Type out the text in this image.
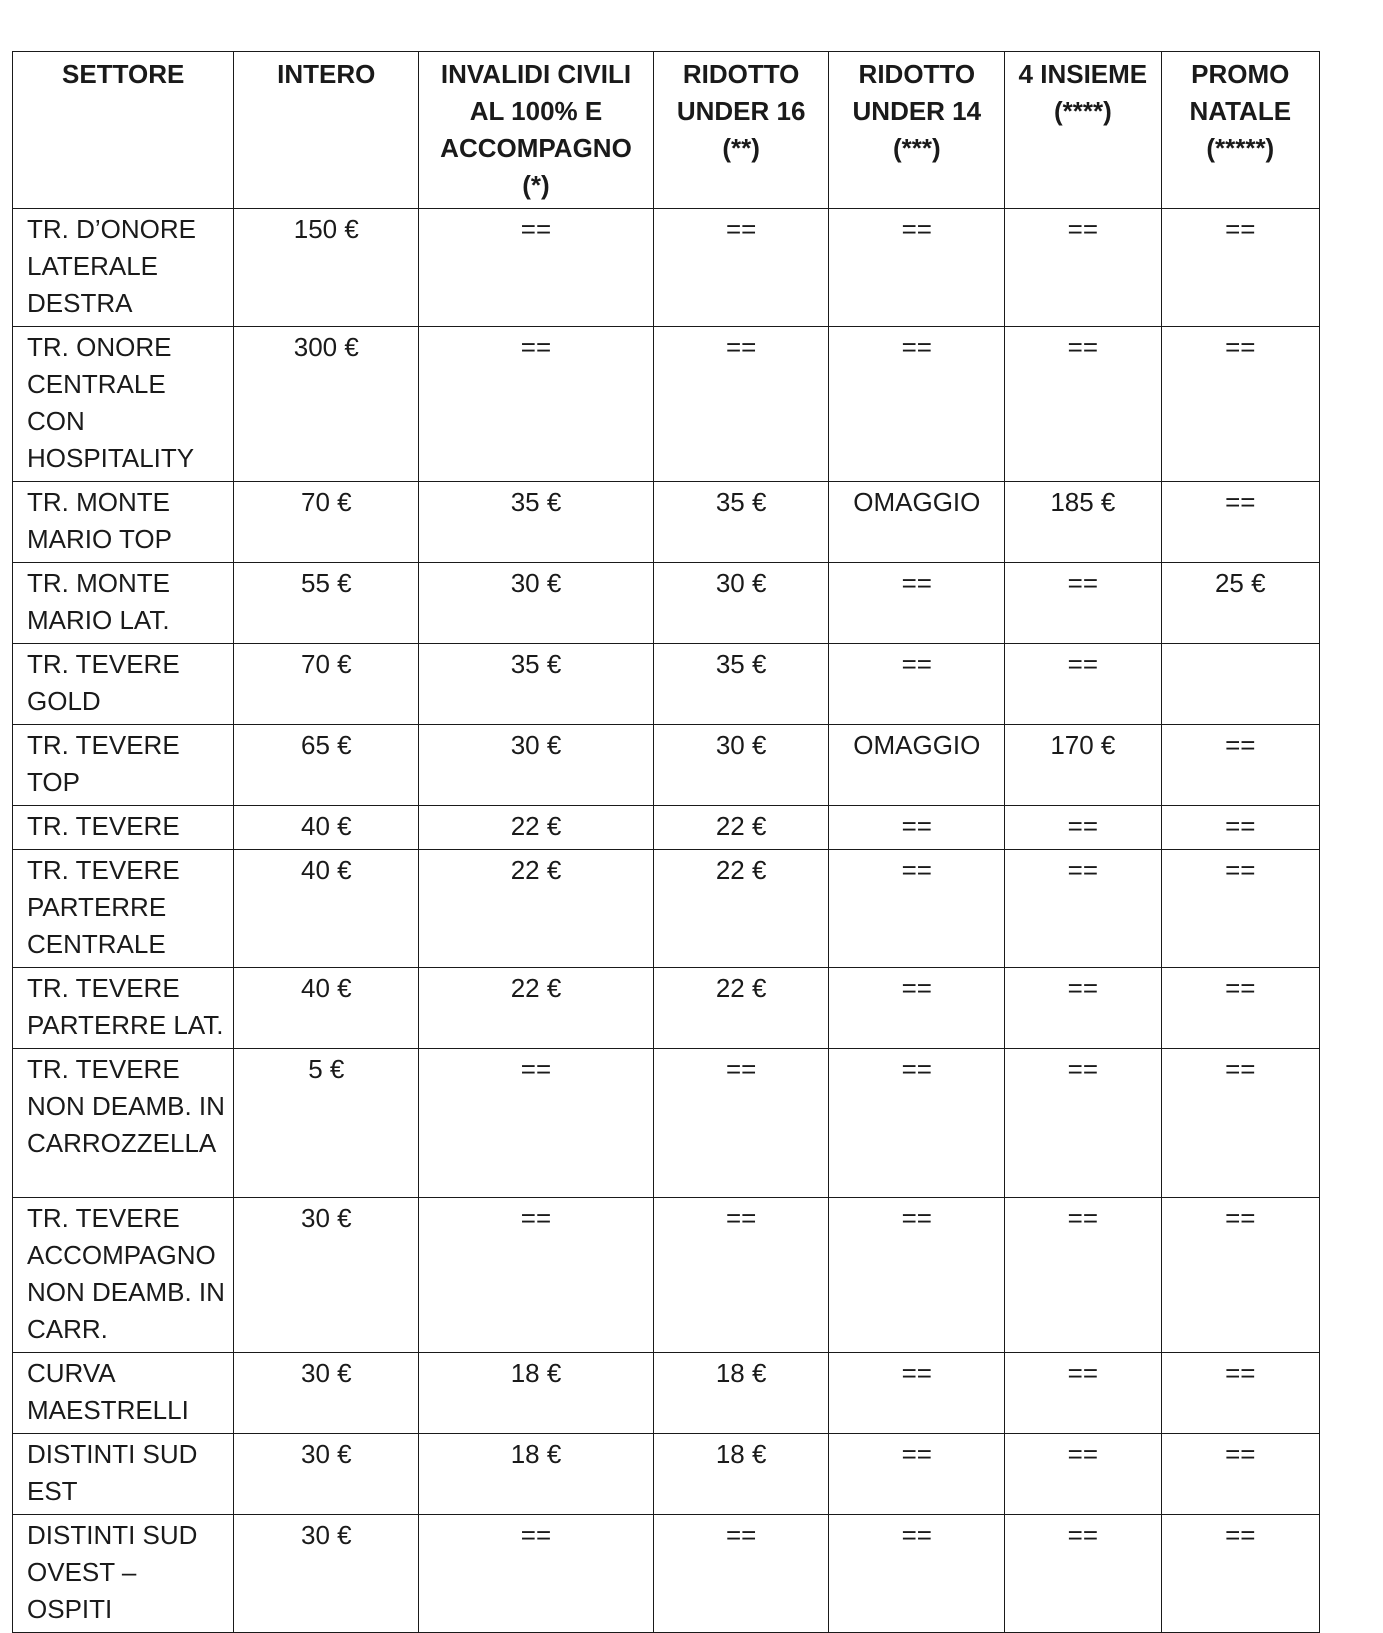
SETTORE	INTERO	INVALIDI CIVILI AL 100% E ACCOMPAGNO (*)	RIDOTTO UNDER 16 (**)	RIDOTTO UNDER 14 (***)	4 INSIEME (****)	PROMO NATALE (*****)
TR. D’ONORE LATERALE DESTRA	150 €	==	==	==	==	==
TR. ONORE CENTRALE CON HOSPITALITY	300 €	==	==	==	==	==
TR. MONTE MARIO TOP	70 €	35 €	35 €	OMAGGIO	185 €	==
TR. MONTE MARIO LAT.	55 €	30 €	30 €	==	==	25 €
TR. TEVERE GOLD	70 €	35 €	35 €	==	==	
TR. TEVERE TOP	65 €	30 €	30 €	OMAGGIO	170 €	==
TR. TEVERE	40 €	22 €	22 €	==	==	==
TR. TEVERE PARTERRE CENTRALE	40 €	22 €	22 €	==	==	==
TR. TEVERE PARTERRE LAT.	40 €	22 €	22 €	==	==	==
TR. TEVERE NON DEAMB. IN CARROZZELLA	5 €	==	==	==	==	==
TR. TEVERE ACCOMPAGNO NON DEAMB. IN CARR.	30 €	==	==	==	==	==
CURVA MAESTRELLI	30 €	18 €	18 €	==	==	==
DISTINTI SUD EST	30 €	18 €	18 €	==	==	==
DISTINTI SUD OVEST – OSPITI	30 €	==	==	==	==	==
